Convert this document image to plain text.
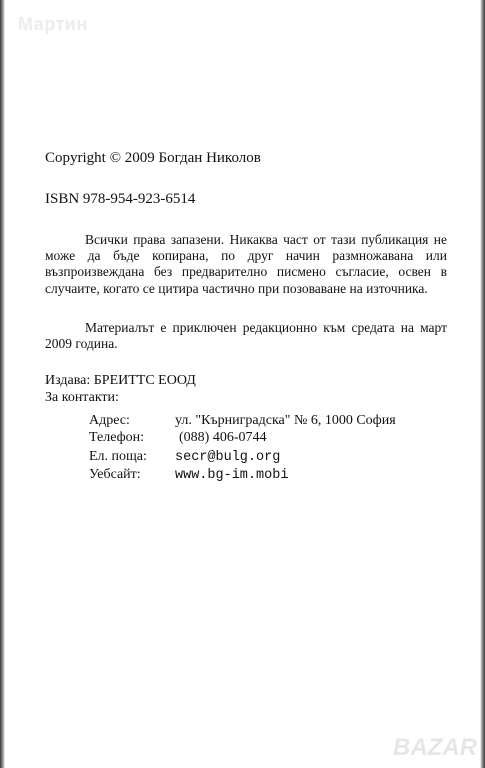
Мартин
Copyright © 2009 Богдан Николов
ISBN 978-954-923-6514

Всички права запазени. Никаква част от тази публикация не може да бъде копирана, по друг начин размножавана или възпроизвеждана без предварително писмено съгласие, освен в случаите, когато се цитира частично при позоваване на източника.

Материалът е приключен редакционно към средата на март 2009 година.

Издава: БРЕИТТС ЕООД
За контакти:
Адрес:	ул. "Кърниградска" № 6, 1000 София
Телефон: (088) 406-0744
Ел. поща: secr@bulg.org
Уебсайт:	www.bg-im.mobi
BAZAR
